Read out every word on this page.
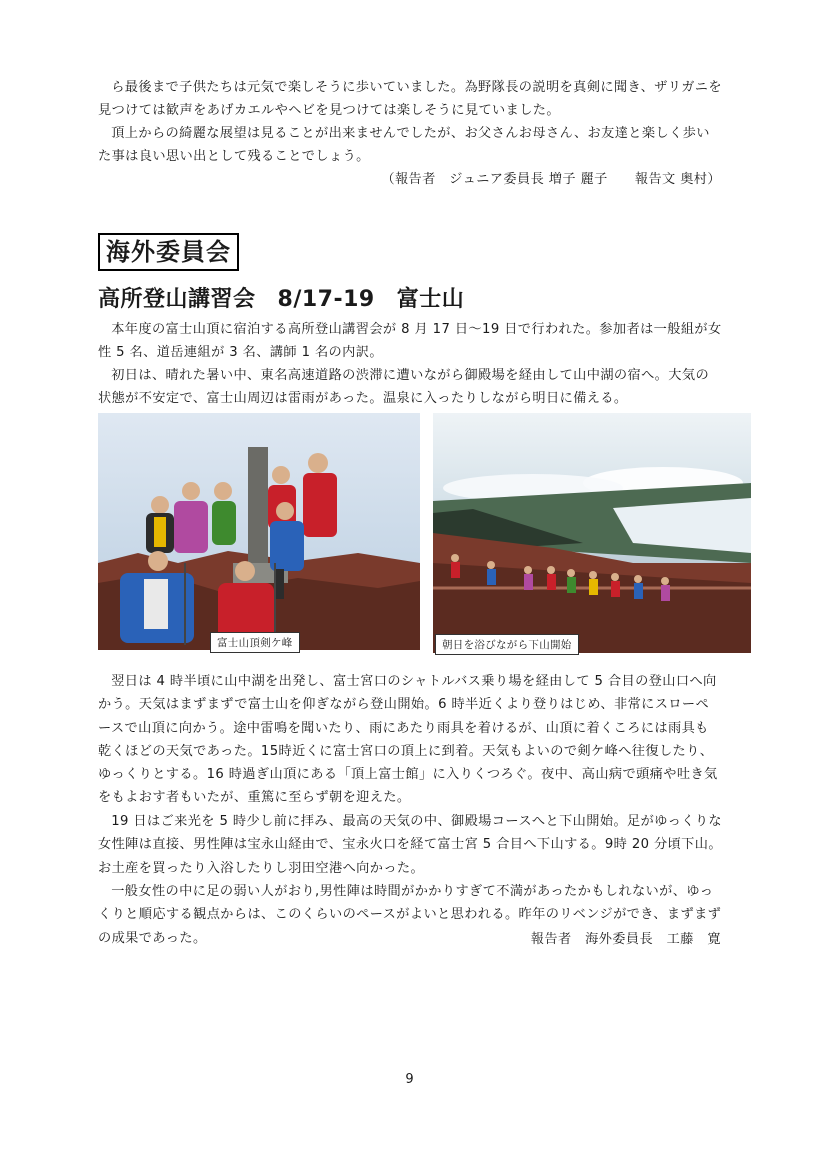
ら最後まで子供たちは元気で楽しそうに歩いていました。為野隊長の説明を真剣に聞き、ザリガニを見つけては歓声をあげカエルやヘビを見つけては楽しそうに見ていました。

頂上からの綺麗な展望は見ることが出来ませんでしたが、お父さんお母さん、お友達と楽しく歩いた事は良い思い出として残ることでしょう。

（報告者　ジュニア委員長 増子 麗子　　報告文 奥村）
海外委員会
高所登山講習会 8/17-19 富士山

本年度の富士山頂に宿泊する高所登山講習会が 8 月 17 日～19 日で行われた。参加者は一般組が女性 5 名、道岳連組が 3 名、講師 1 名の内訳。

初日は、晴れた暑い中、東名高速道路の渋滞に遭いながら御殿場を経由して山中湖の宿へ。大気の状態が不安定で、富士山周辺は雷雨があった。温泉に入ったりしながら明日に備える。

富士山頂剣ケ峰	朝日を浴びながら下山開始

翌日は 4 時半頃に山中湖を出発し、富士宮口のシャトルバス乗り場を経由して 5 合目の登山口へ向かう。天気はまずまずで富士山を仰ぎながら登山開始。6 時半近くより登りはじめ、非常にスローペースで山頂に向かう。途中雷鳴を聞いたり、雨にあたり雨具を着けるが、山頂に着くころには雨具も乾くほどの天気であった。15時近くに富士宮口の頂上に到着。天気もよいので剣ケ峰へ往復したり、ゆっくりとする。16 時過ぎ山頂にある「頂上富士館」に入りくつろぐ。夜中、高山病で頭痛や吐き気をもよおす者もいたが、重篤に至らず朝を迎えた。

19 日はご来光を 5 時少し前に拝み、最高の天気の中、御殿場コースへと下山開始。足がゆっくりな女性陣は直接、男性陣は宝永山経由で、宝永火口を経て富士宮 5 合目へ下山する。9時 20 分頃下山。お土産を買ったり入浴したりし羽田空港へ向かった。

一般女性の中に足の弱い人がおり,男性陣は時間がかかりすぎて不満があったかもしれないが、ゆっくりと順応する観点からは、このくらいのペースがよいと思われる。昨年のリベンジができ、まずまずの成果であった。	報告者　海外委員長　工藤　寛
9
